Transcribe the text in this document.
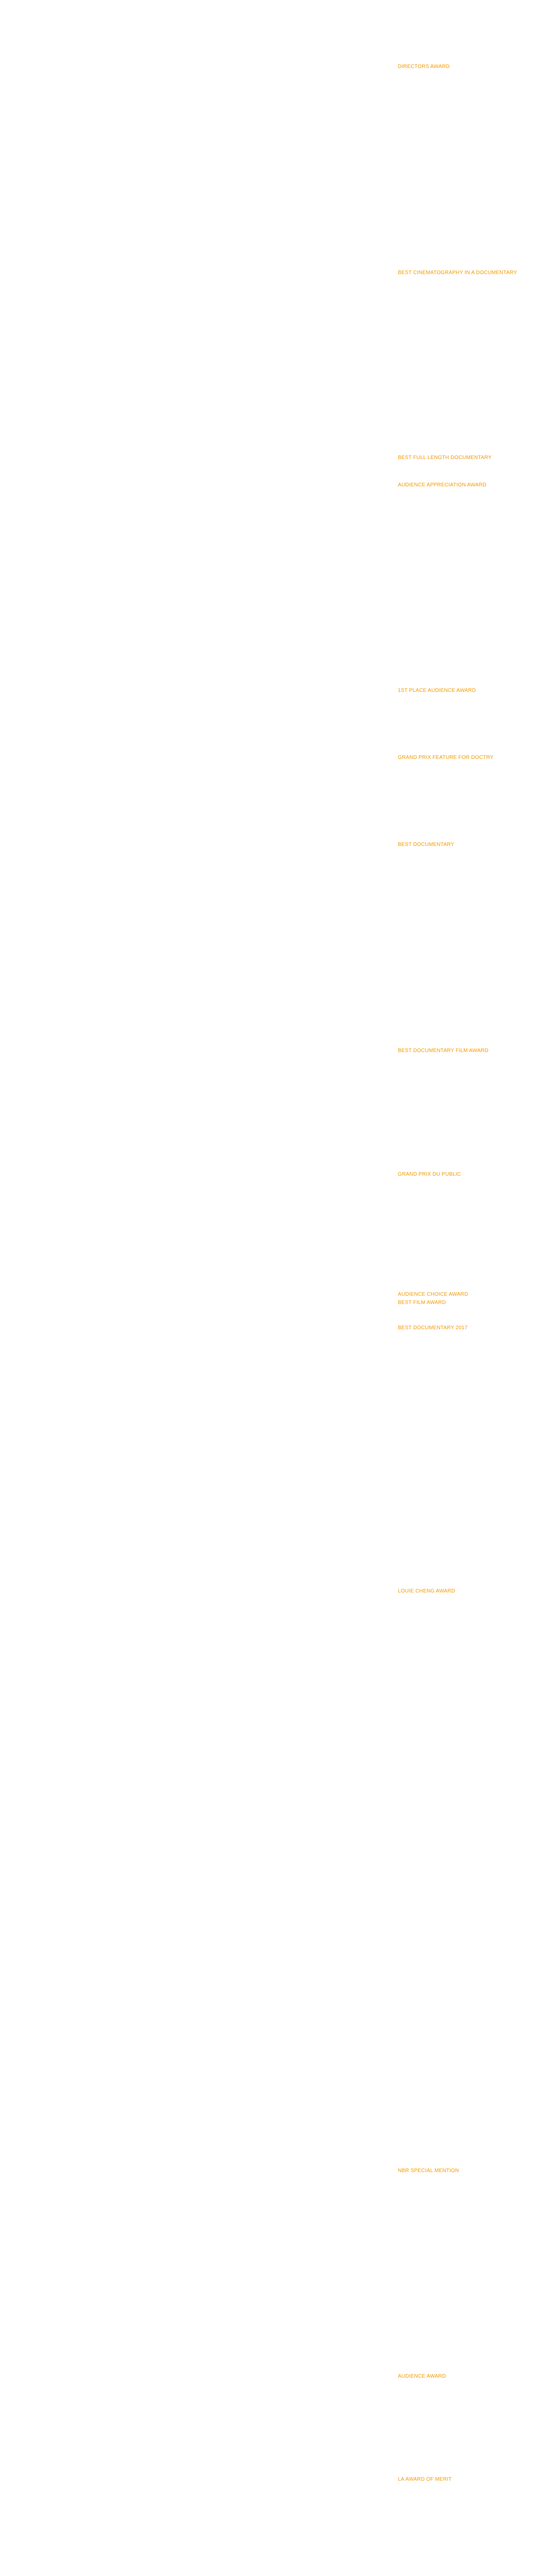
DIRECTORS AWARD

BEST CINEMATOGRAPHY IN A DOCUMENTARY

BEST FULL LENGTH DOCUMENTARY

AUDIENCE APPRECIATION AWARD

1ST PLACE AUDIENCE AWARD

GRAND PRIX FEATURE FOR DOCTRY

BEST DOCUMENTARY

BEST DOCUMENTARY FILM AWARD

GRAND PRIX DU PUBLIC

AUDIENCE CHOICE AWARD

BEST FILM AWARD

BEST DOCUMENTARY 2017

LOUIE CHENG AWARD

NBR SPECIAL MENTION

AUDIENCE AWARD

LA AWARD OF MERIT
